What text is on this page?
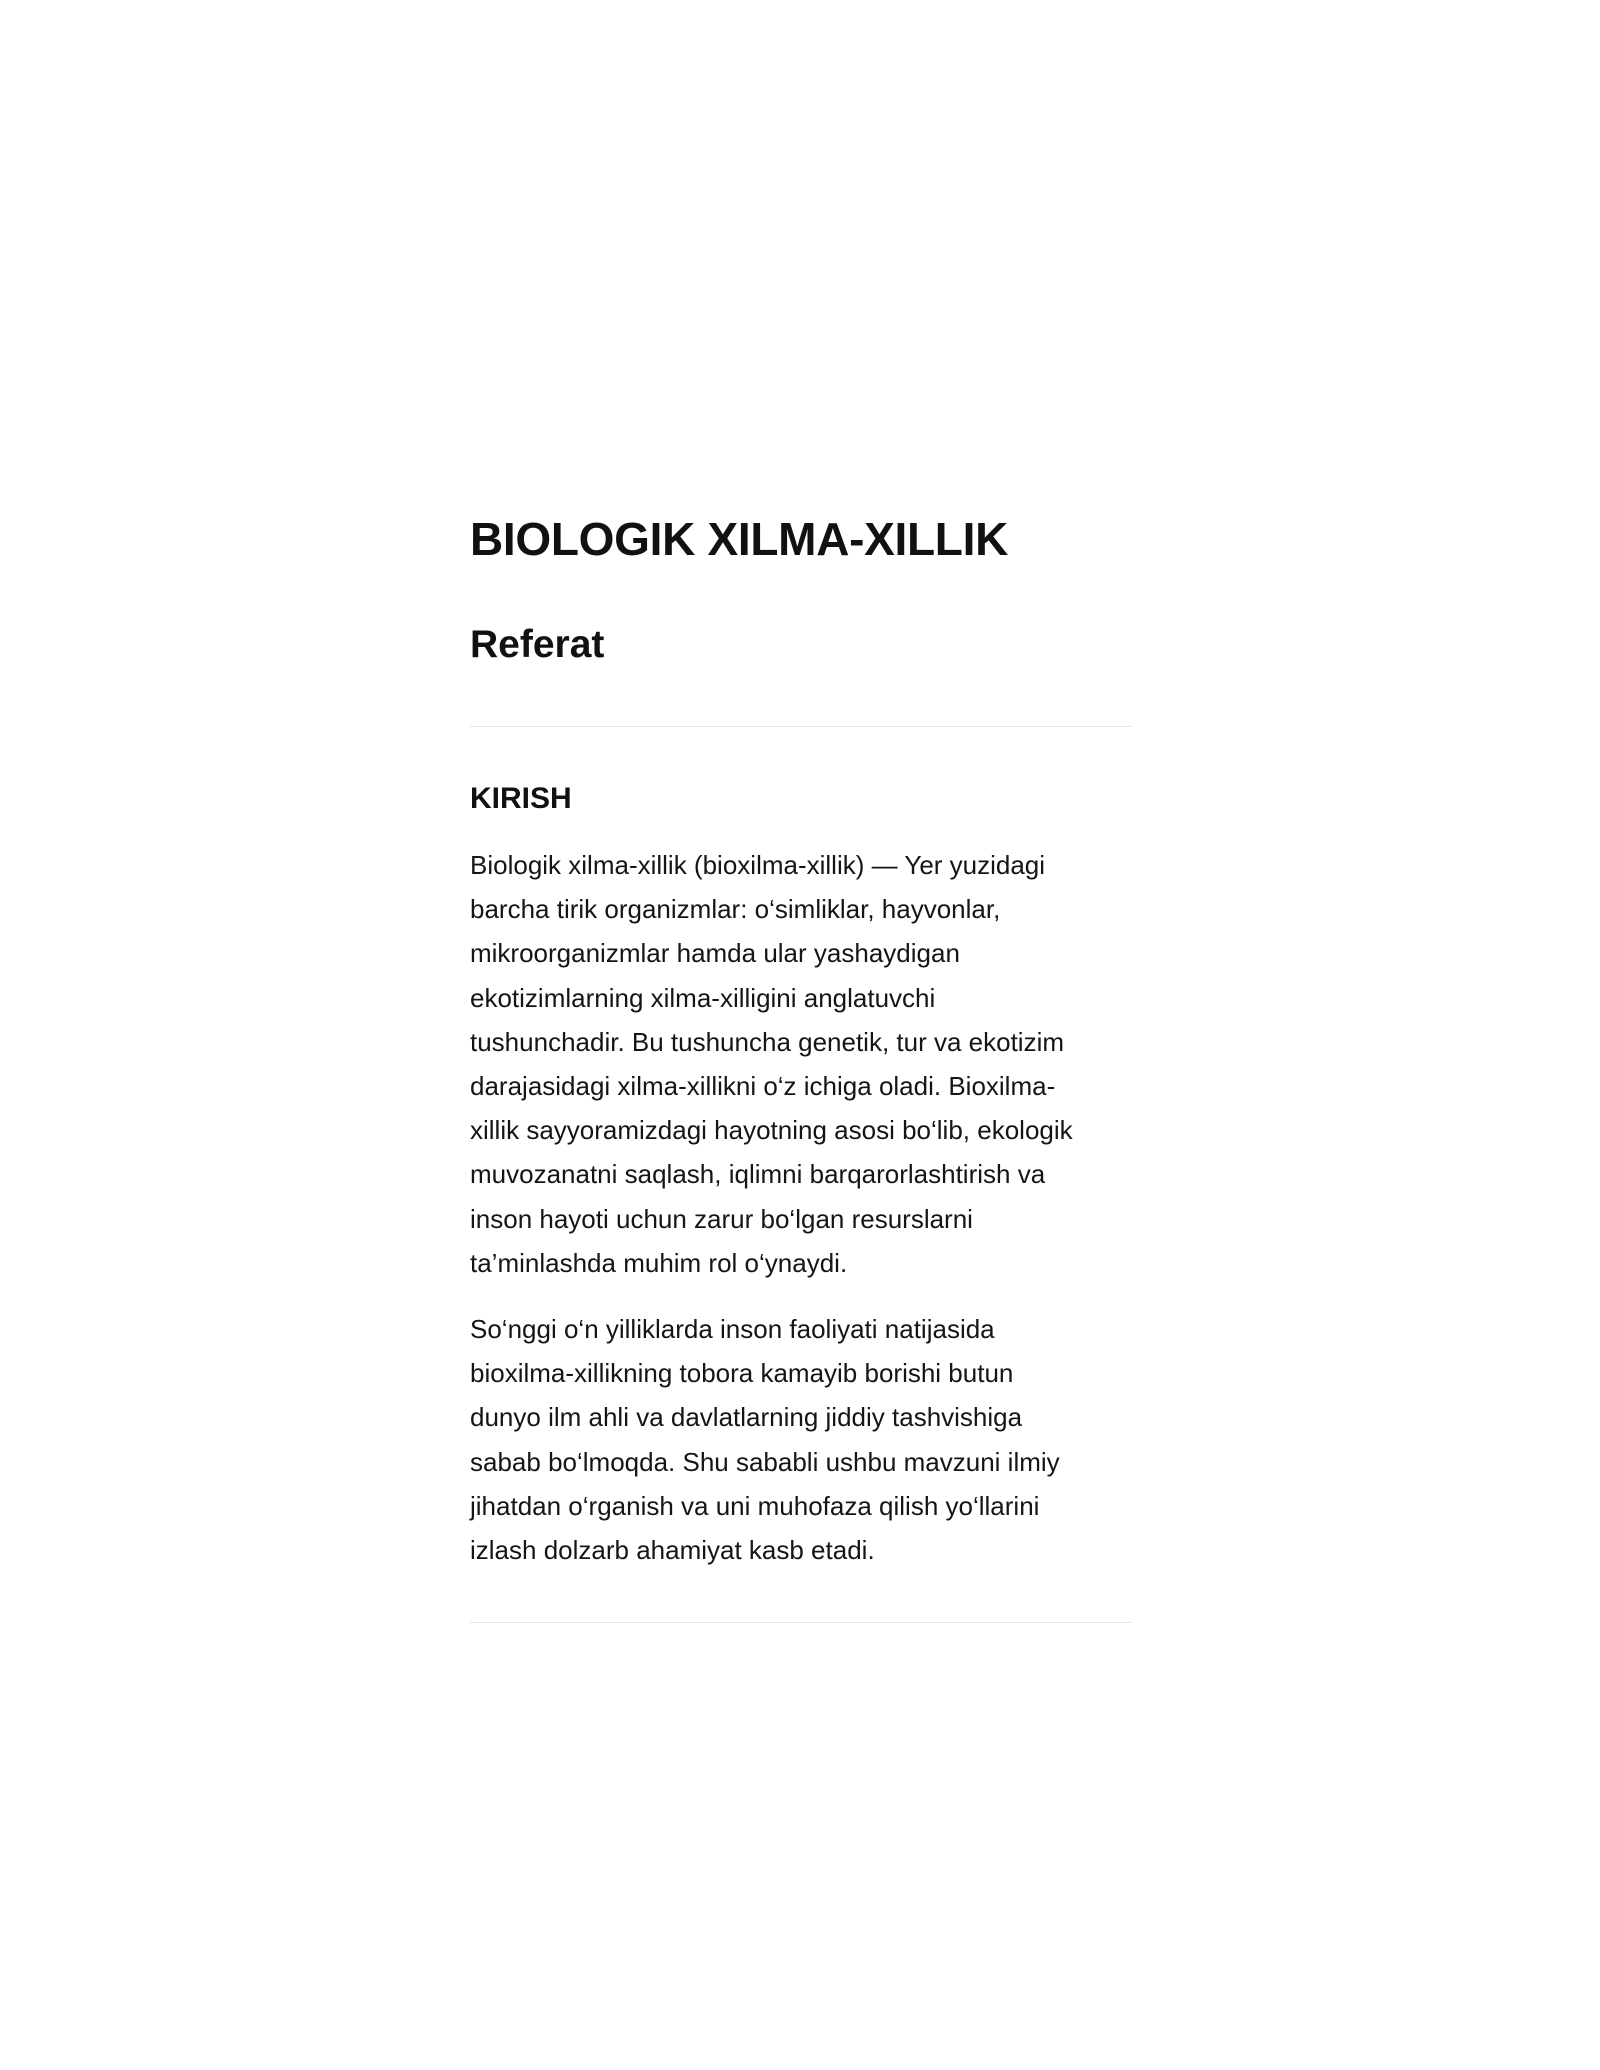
BIOLOGIK XILMA-XILLIK
Referat
KIRISH

Biologik xilma-xillik (bioxilma-xillik) — Yer yuzidagi
barcha tirik organizmlar: o‘simliklar, hayvonlar,
mikroorganizmlar hamda ular yashaydigan
ekotizimlarning xilma-xilligini anglatuvchi
tushunchadir. Bu tushuncha genetik, tur va ekotizim
darajasidagi xilma-xillikni o‘z ichiga oladi. Bioxilma-
xillik sayyoramizdagi hayotning asosi bo‘lib, ekologik
muvozanatni saqlash, iqlimni barqarorlashtirish va
inson hayoti uchun zarur bo‘lgan resurslarni
ta’minlashda muhim rol o‘ynaydi.

So‘nggi o‘n yilliklarda inson faoliyati natijasida
bioxilma-xillikning tobora kamayib borishi butun
dunyo ilm ahli va davlatlarning jiddiy tashvishiga
sabab bo‘lmoqda. Shu sababli ushbu mavzuni ilmiy
jihatdan o‘rganish va uni muhofaza qilish yo‘llarini
izlash dolzarb ahamiyat kasb etadi.
